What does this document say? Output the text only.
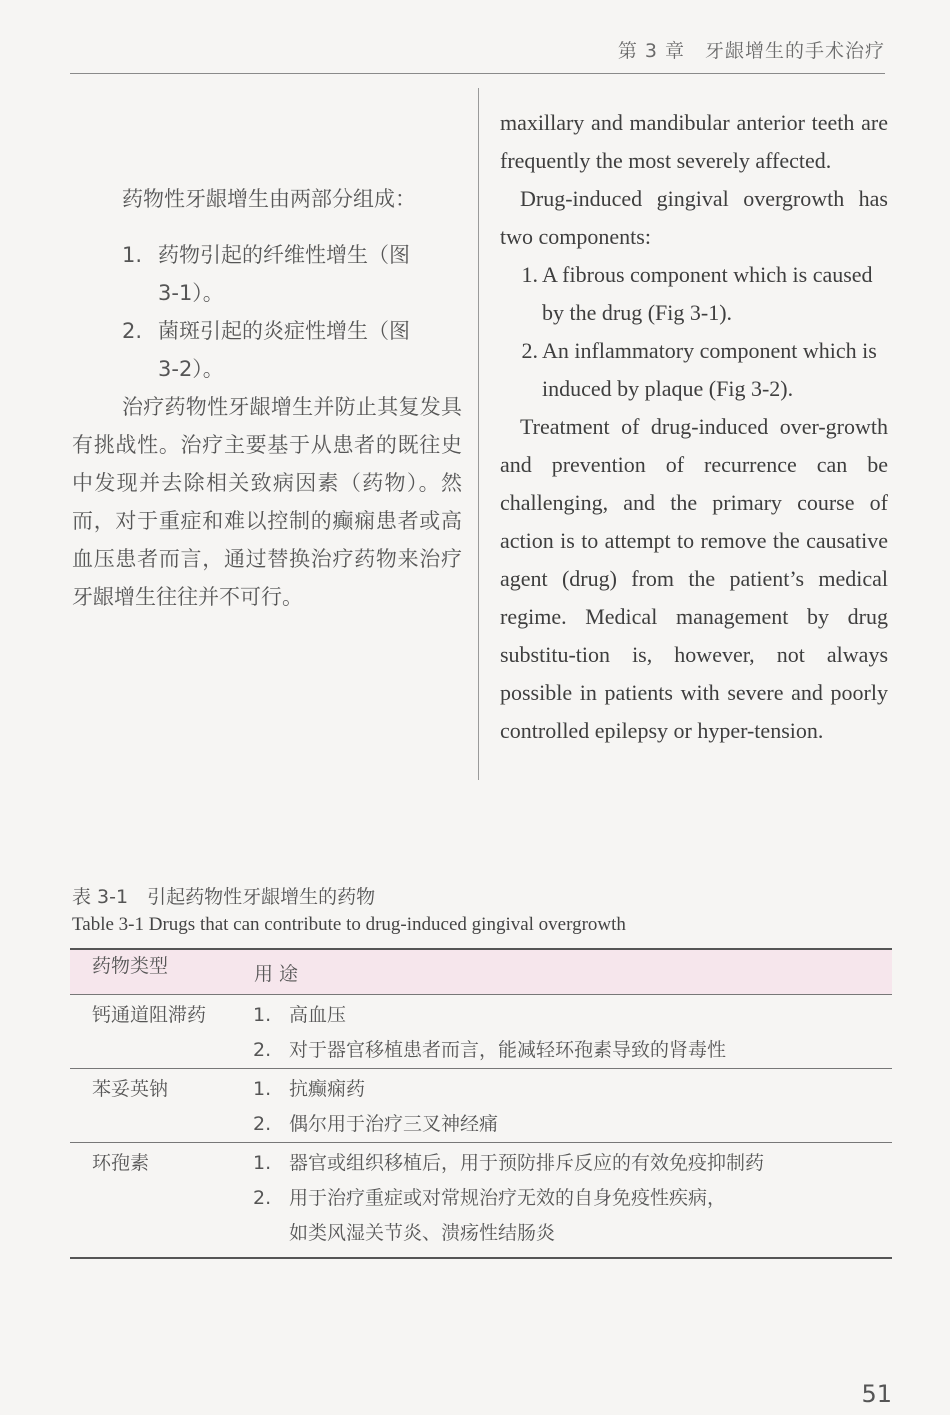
第 3 章　牙龈增生的手术治疗

药物性牙龈增生由两部分组成：

1. 药物引起的纤维性增生（图
3-1）。
2. 菌斑引起的炎症性增生（图
3-2）。

治疗药物性牙龈增生并防止其复发具有挑战性。治疗主要基于从患者的既往史中发现并去除相关致病因素（药物）。然而，对于重症和难以控制的癫痫患者或高血压患者而言，通过替换治疗药物来治疗牙龈增生往往并不可行。

maxillary and mandibular anterior teeth are frequently the most severely affected.

Drug-induced gingival overgrowth has two components:

1. A fibrous component which is caused by the drug (Fig 3-1).
2. An inflammatory component which is induced by plaque (Fig 3-2).

Treatment of drug-induced over-growth and prevention of recurrence can be challenging, and the primary course of action is to attempt to remove the causative agent (drug) from the patient’s medical regime. Medical management by drug substitu-tion is, however, not always possible in patients with severe and poorly controlled epilepsy or hyper-tension.

表 3-1　引起药物性牙龈增生的药物
Table 3-1 Drugs that can contribute to drug-induced gingival overgrowth
药物类型	用 途

钙通道阻滞药	1. 高血压
2. 对于器官移植患者而言，能减轻环孢素导致的肾毒性

苯妥英钠	1. 抗癫痫药
2. 偶尔用于治疗三叉神经痛

环孢素	1. 器官或组织移植后，用于预防排斥反应的有效免疫抑制药
2. 用于治疗重症或对常规治疗无效的自身免疫性疾病，
如类风湿关节炎、溃疡性结肠炎
51
